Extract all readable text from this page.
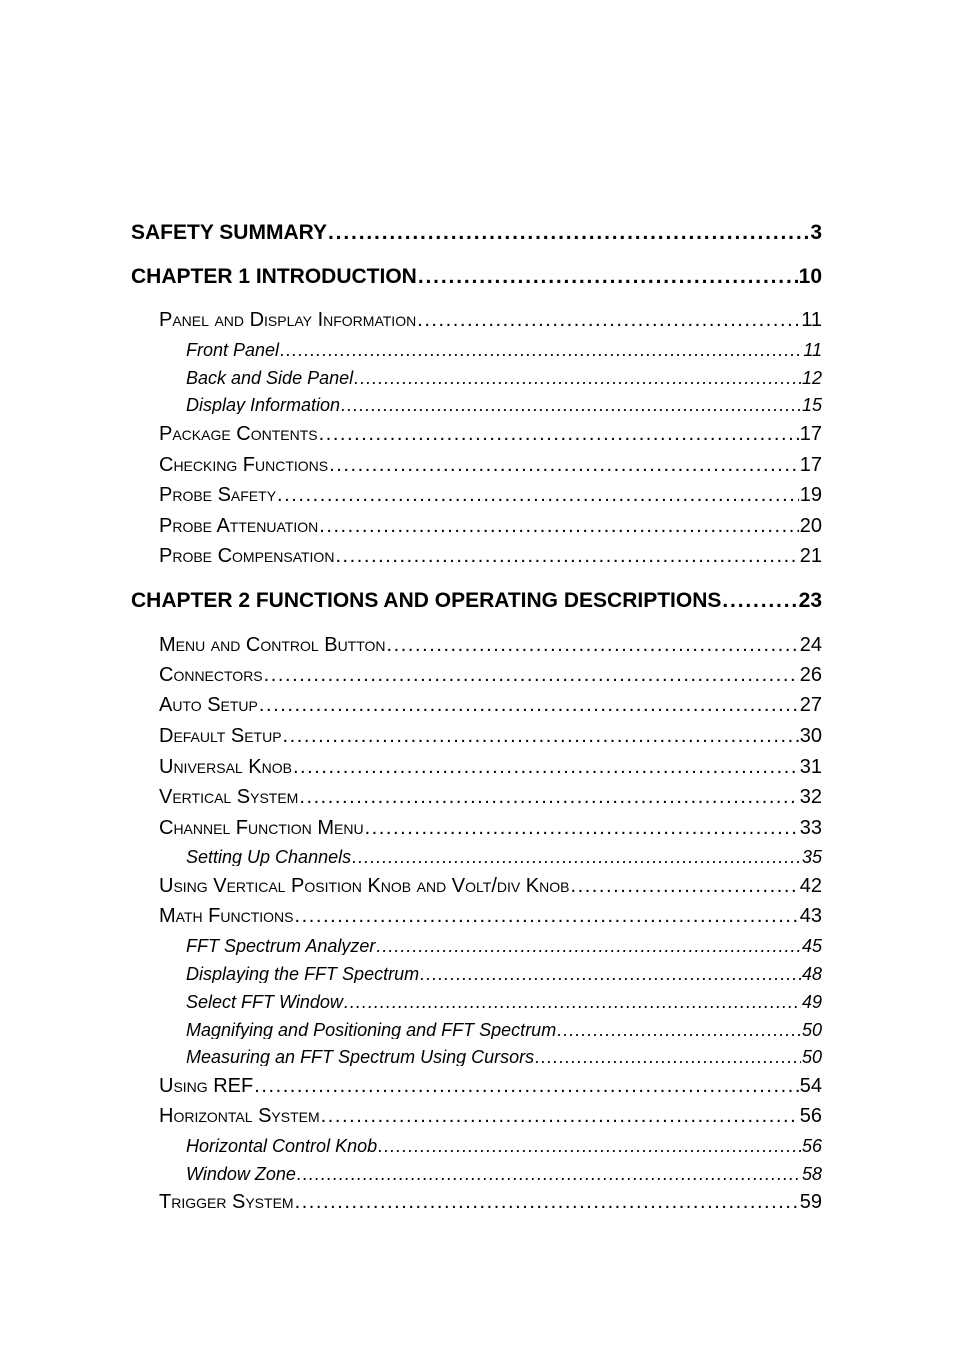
SAFETY SUMMARY . . .	3
CHAPTER 1 INTRODUCTION . . .	10
Panel and Display Information . . .	11
Front Panel . . .	11
Back and Side Panel . . .	12
Display Information . . .	15
Package Contents . . .	17
Checking Functions . . .	17
Probe Safety . . .	19
Probe Attenuation . . .	20
Probe Compensation . . .	21
CHAPTER 2 FUNCTIONS AND OPERATING DESCRIPTIONS . . .	23
Menu and Control Button . . .	24
Connectors . . .	26
Auto Setup . . .	27
Default Setup . . .	30
Universal Knob . . .	31
Vertical System . . .	32
Channel Function Menu . . .	33
Setting Up Channels . . .	35
Using Vertical Position Knob and Volt/div Knob . . .	42
Math Functions . . .	43
FFT Spectrum Analyzer . . .	45
Displaying the FFT Spectrum . . .	48
Select FFT Window . . .	49
Magnifying and Positioning and FFT Spectrum . . .	50
Measuring an FFT Spectrum Using Cursors . . .	50
Using REF . . .	54
Horizontal System . . .	56
Horizontal Control Knob . . .	56
Window Zone . . .	58
Trigger System . . .	59
